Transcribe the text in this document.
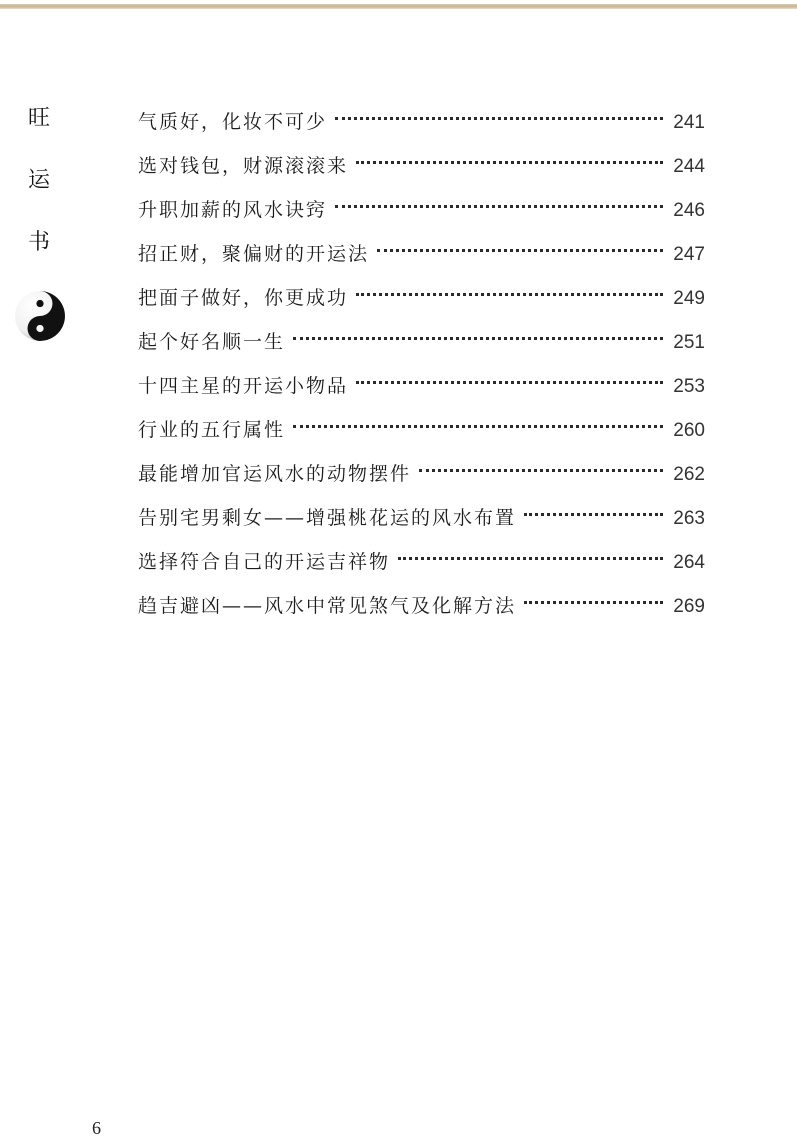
旺
运
书
气质好，化妆不可少	241
选对钱包，财源滚滚来	244
升职加薪的风水诀窍	246
招正财，聚偏财的开运法	247
把面子做好，你更成功	249
起个好名顺一生	251
十四主星的开运小物品	253
行业的五行属性	260
最能增加官运风水的动物摆件	262
告别宅男剩女——增强桃花运的风水布置	263
选择符合自己的开运吉祥物	264
趋吉避凶——风水中常见煞气及化解方法	269
6
